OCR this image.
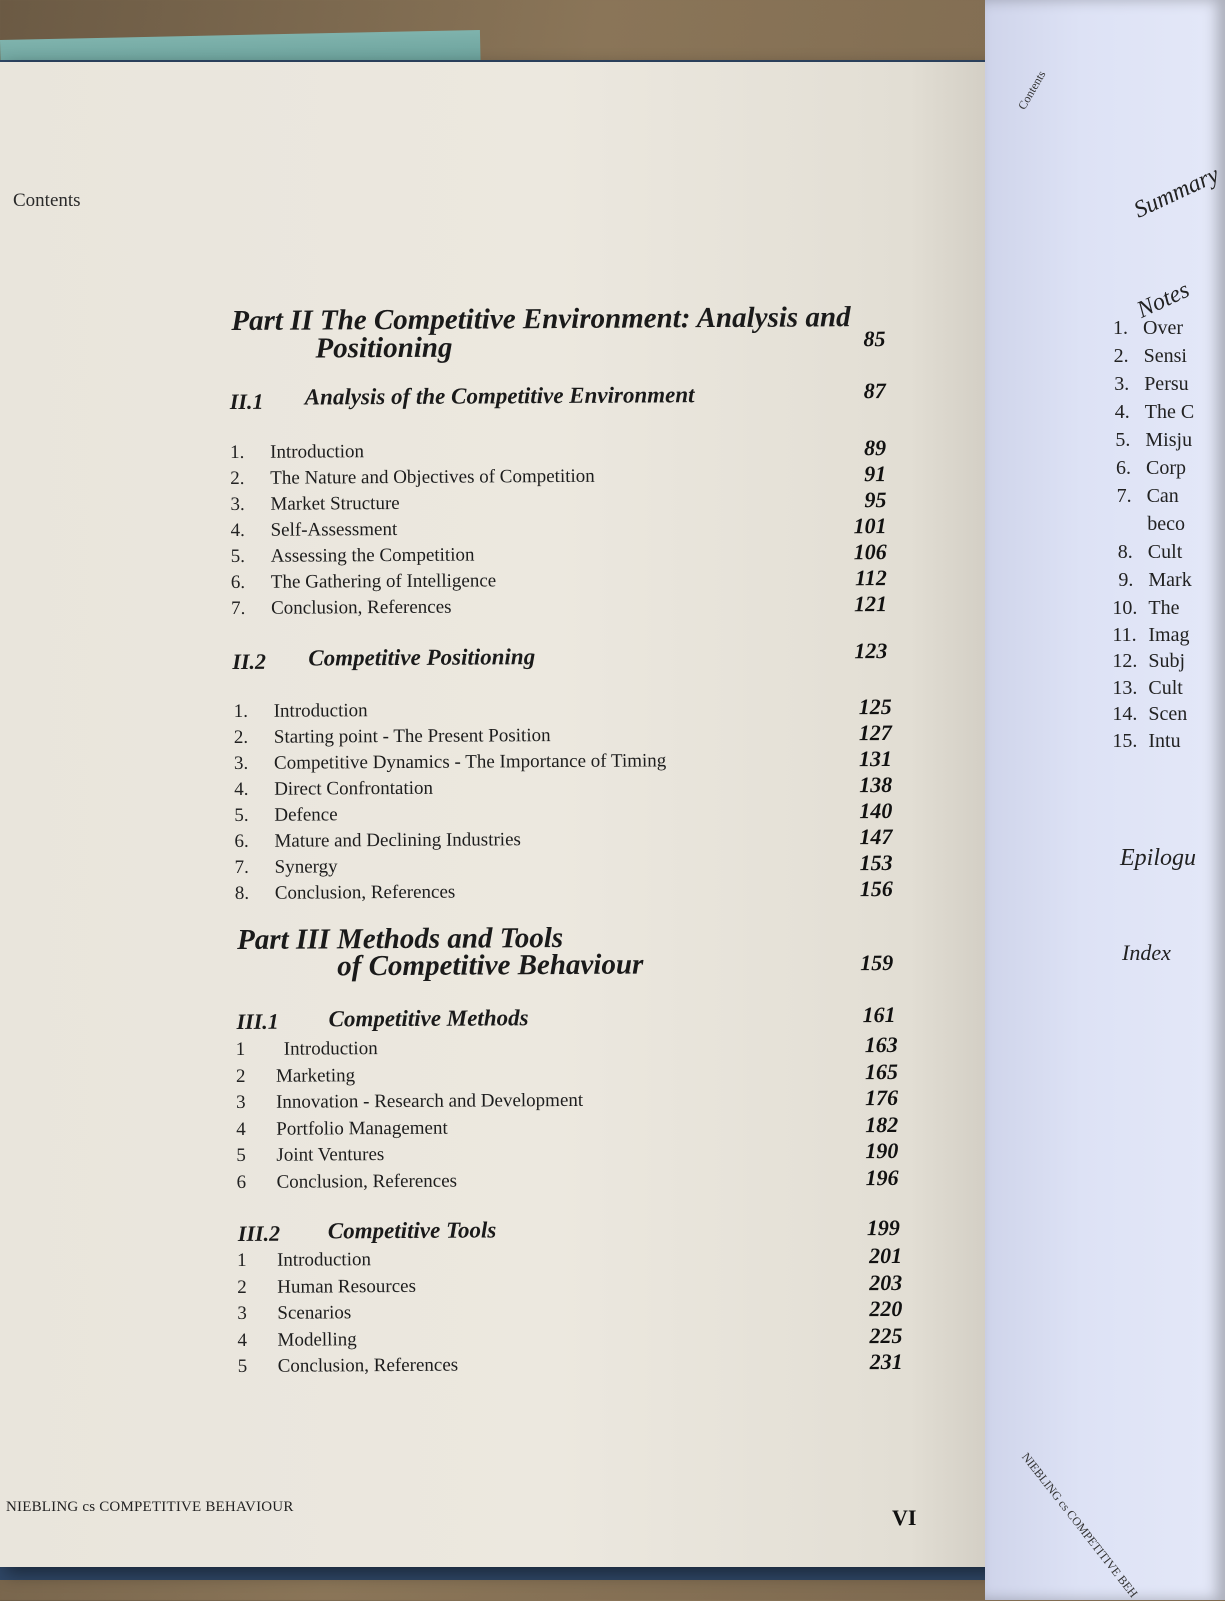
Contents
Part II The Competitive Environment: Analysis and
Positioning	85
II.1 Analysis of the Competitive Environment	87
1. Introduction	89
2. The Nature and Objectives of Competition	91
3. Market Structure	95
4. Self-Assessment	101
5. Assessing the Competition	106
6. The Gathering of Intelligence	112
7. Conclusion, References	121
II.2 Competitive Positioning	123
1. Introduction	125
2. Starting point - The Present Position	127
3. Competitive Dynamics - The Importance of Timing	131
4. Direct Confrontation	138
5. Defence	140
6. Mature and Declining Industries	147
7. Synergy	153
8. Conclusion, References	156
Part III Methods and Tools
of Competitive Behaviour	159
III.1 Competitive Methods	161
1 Introduction	163
2 Marketing	165
3 Innovation - Research and Development	176
4 Portfolio Management	182
5 Joint Ventures	190
6 Conclusion, References	196
III.2 Competitive Tools	199
1 Introduction	201
2 Human Resources	203
3 Scenarios	220
4 Modelling	225
5 Conclusion, References	231
NIEBLING cs COMPETITIVE BEHAVIOUR	VI
Contents
Summary
Notes
1. Over
2. Sensi
3. Persu
4. The C
5. Misju
6. Corp
7. Can
beco
8. Cult
9. Mark
10. The
11. Imag
12. Subj
13. Cult
14. Scen
15. Intu
Epilogu
Index
NIEBLING cs COMPETITIVE BEH
